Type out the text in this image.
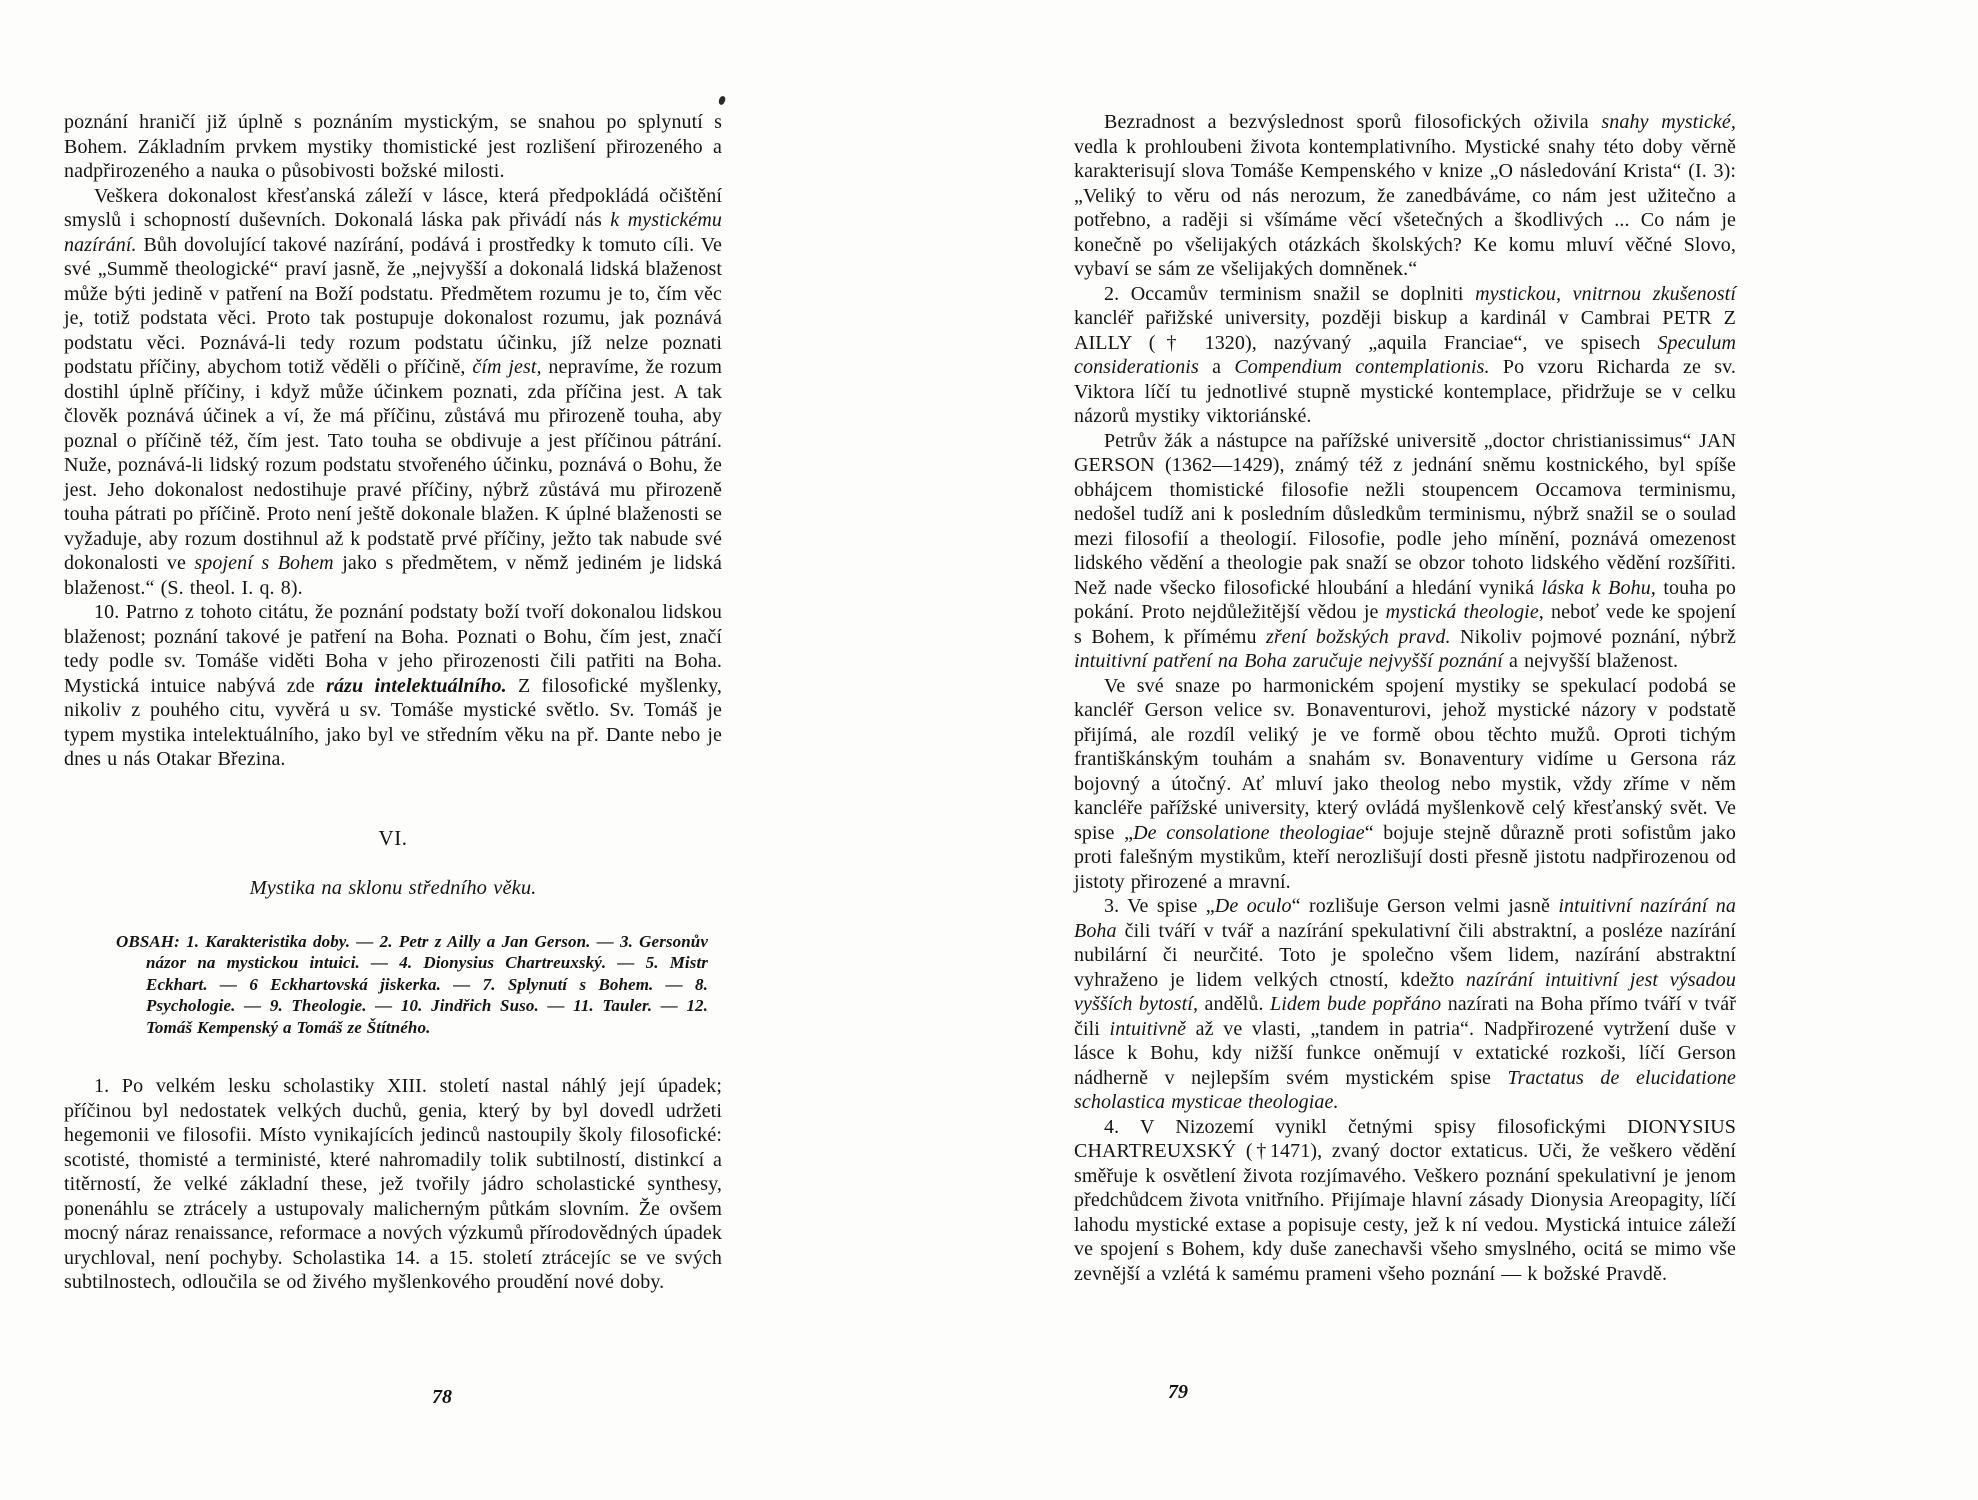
poznání hraničí již úplně s poznáním mystickým, se snahou po splynutí s Bohem. Základním prvkem mystiky thomistické jest rozlišení přirozeného a nadpřirozeného a nauka o působivosti božské milosti.

Veškera dokonalost křesťanská záleží v lásce, která předpokládá očištění smyslů i schopností duševních. Dokonalá láska pak přivádí nás k mystickému nazírání. Bůh dovolující takové nazírání, podává i prostředky k tomuto cíli. Ve své „Summě theologické“ praví jasně, že „nejvyšší a dokonalá lidská blaženost může býti jedině v patření na Boží podstatu. Předmětem rozumu je to, čím věc je, totiž podstata věci. Proto tak postupuje dokonalost rozumu, jak poznává podstatu věci. Poznává-li tedy rozum podstatu účinku, jíž nelze poznati podstatu příčiny, abychom totiž věděli o příčině, čím jest, nepravíme, že rozum dostihl úplně příčiny, i když může účinkem poznati, zda příčina jest. A tak člověk poznává účinek a ví, že má příčinu, zůstává mu přirozeně touha, aby poznal o příčině též, čím jest. Tato touha se obdivuje a jest příčinou pátrání. Nuže, poznává-li lidský rozum podstatu stvořeného účinku, poznává o Bohu, že jest. Jeho dokonalost nedostihuje pravé příčiny, nýbrž zůstává mu přirozeně touha pátrati po příčině. Proto není ještě dokonale blažen. K úplné blaženosti se vyžaduje, aby rozum dostihnul až k podstatě prvé příčiny, ježto tak nabude své dokonalosti ve spojení s Bohem jako s předmětem, v němž jediném je lidská blaženost.“ (S. theol. I. q. 8).

10. Patrno z tohoto citátu, že poznání podstaty boží tvoří dokonalou lidskou blaženost; poznání takové je patření na Boha. Poznati o Bohu, čím jest, značí tedy podle sv. Tomáše viděti Boha v jeho přirozenosti čili patřiti na Boha. Mystická intuice nabývá zde rázu intelektuálního. Z filosofické myšlenky, nikoliv z pouhého citu, vyvěrá u sv. Tomáše mystické světlo. Sv. Tomáš je typem mystika intelektuálního, jako byl ve středním věku na př. Dante nebo je dnes u nás Otakar Březina.

VI.
Mystika na sklonu středního věku.
OBSAH: 1. Karakteristika doby. — 2. Petr z Ailly a Jan Gerson. — 3. Gersonův názor na mystickou intuici. — 4. Dionysius Chartreuxský. — 5. Mistr Eckhart. — 6 Eckhartovská jiskerka. — 7. Splynutí s Bohem. — 8. Psychologie. — 9. Theologie. — 10. Jindřich Suso. — 11. Tauler. — 12. Tomáš Kempenský a Tomáš ze Štítného.

1. Po velkém lesku scholastiky XIII. století nastal náhlý její úpadek; příčinou byl nedostatek velkých duchů, genia, který by byl dovedl udržeti hegemonii ve filosofii. Místo vynikajících jedinců nastoupily školy filosofické: scotisté, thomisté a terministé, které nahromadily tolik subtilností, distinkcí a titěrností, že velké základní these, jež tvořily jádro scholastické synthesy, ponenáhlu se ztrácely a ustupovaly malicherným půtkám slovním. Že ovšem mocný náraz renaissance, reformace a nových výzkumů přírodovědných úpadek urychloval, není pochyby. Scholastika 14. a 15. století ztrácejíc se ve svých subtilnostech, odloučila se od živého myšlenkového proudění nové doby.

Bezradnost a bezvýslednost sporů filosofických oživila snahy mystické, vedla k prohloubeni života kontemplativního. Mystické snahy této doby věrně karakterisují slova Tomáše Kempenského v knize „O následování Krista“ (I. 3): „Veliký to věru od nás nerozum, že zanedbáváme, co nám jest užitečno a potřebno, a raději si všímáme věcí všetečných a škodlivých ... Co nám je konečně po všelijakých otázkách školských? Ke komu mluví věčné Slovo, vybaví se sám ze všelijakých domněnek.“

2. Occamův terminism snažil se doplniti mystickou, vnitrnou zkušeností kancléř pařižské university, později biskup a kardinál v Cambrai PETR Z AILLY († 1320), nazývaný „aquila Franciae“, ve spisech Speculum considerationis a Compendium contemplationis. Po vzoru Richarda ze sv. Viktora líčí tu jednotlivé stupně mystické kontemplace, přidržuje se v celku názorů mystiky viktoriánské.

Petrův žák a nástupce na pařížské universitě „doctor christianissimus“ JAN GERSON (1362—1429), známý též z jednání sněmu kostnického, byl spíše obhájcem thomistické filosofie nežli stoupencem Occamova terminismu, nedošel tudíž ani k posledním důsledkům terminismu, nýbrž snažil se o soulad mezi filosofií a theologií. Filosofie, podle jeho mínění, poznává omezenost lidského vědění a theologie pak snaží se obzor tohoto lidského vědění rozšířiti. Než nade všecko filosofické hloubání a hledání vyniká láska k Bohu, touha po pokání. Proto nejdůležitější vědou je mystická theologie, neboť vede ke spojení s Bohem, k přímému zření božských pravd. Nikoliv pojmové poznání, nýbrž intuitivní patření na Boha zaručuje nejvyšší poznání a nejvyšší blaženost.

Ve své snaze po harmonickém spojení mystiky se spekulací podobá se kancléř Gerson velice sv. Bonaventurovi, jehož mystické názory v podstatě přijímá, ale rozdíl veliký je ve formě obou těchto mužů. Oproti tichým františkánským touhám a snahám sv. Bonaventury vidíme u Gersona ráz bojovný a útočný. Ať mluví jako theolog nebo mystik, vždy zříme v něm kancléře pařížské university, který ovládá myšlenkově celý křesťanský svět. Ve spise „De consolatione theologiae“ bojuje stejně důrazně proti sofistům jako proti falešným mystikům, kteří nerozlišují dosti přesně jistotu nadpřirozenou od jistoty přirozené a mravní.

3. Ve spise „De oculo“ rozlišuje Gerson velmi jasně intuitivní nazírání na Boha čili tváří v tvář a nazírání spekulativní čili abstraktní, a posléze nazírání nubilární či neurčité. Toto je společno všem lidem, nazírání abstraktní vyhraženo je lidem velkých ctností, kdežto nazírání intuitivní jest výsadou vyšších bytostí, andělů. Lidem bude popřáno nazírati na Boha přímo tváří v tvář čili intuitivně až ve vlasti, „tandem in patria“. Nadpřirozené vytržení duše v lásce k Bohu, kdy nižší funkce oněmují v extatické rozkoši, líčí Gerson nádherně v nejlepším svém mystickém spise Tractatus de elucidatione scholastica mysticae theologiae.

4. V Nizozemí vynikl četnými spisy filosofickými DIONYSIUS CHARTREUXSKÝ (†1471), zvaný doctor extaticus. Uči, že veškero vědění směřuje k osvětlení života rozjímavého. Veškero poznání spekulativní je jenom předchůdcem života vnitřního. Přijímaje hlavní zásady Dionysia Areopagity, líčí lahodu mystické extase a popisuje cesty, jež k ní vedou. Mystická intuice záleží ve spojení s Bohem, kdy duše zanechavši všeho smyslného, ocitá se mimo vše zevnější a vzlétá k samému prameni všeho poznání — k božské Pravdě.

78	79
